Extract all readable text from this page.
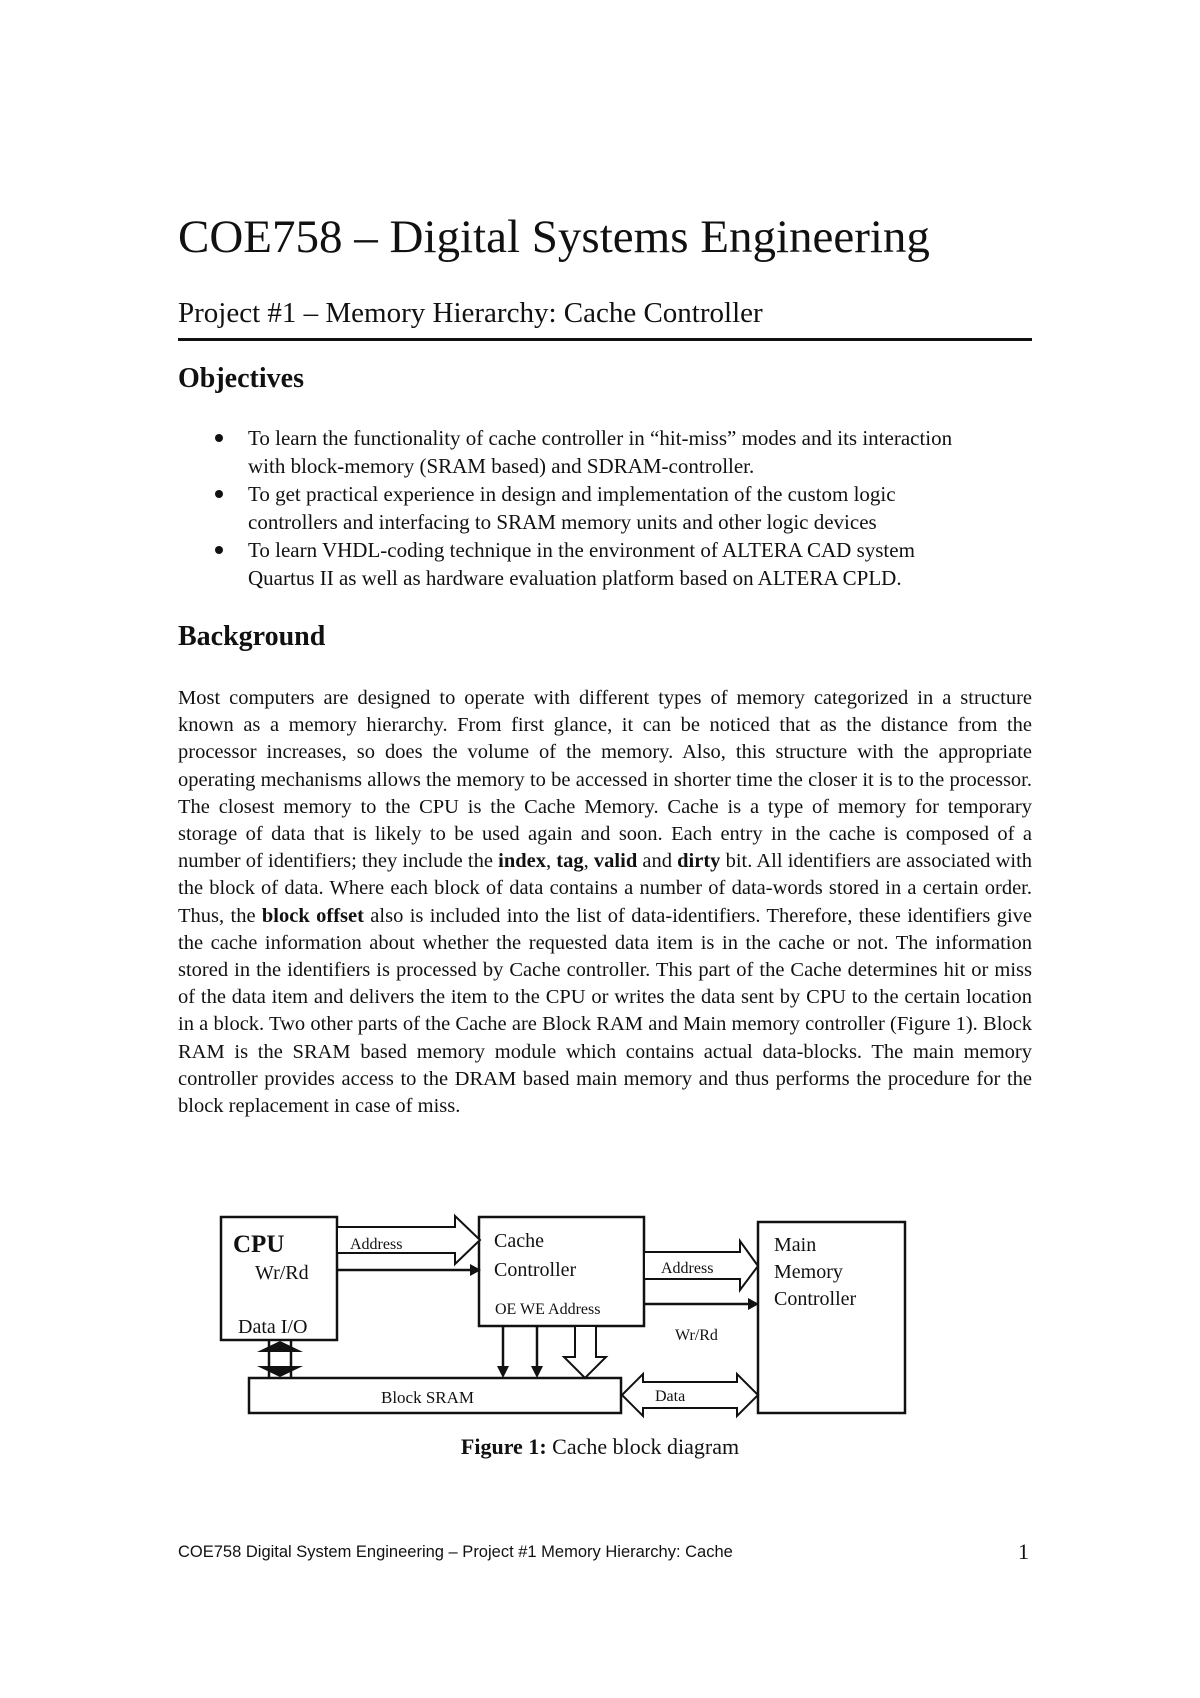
COE758 – Digital Systems Engineering
Project #1 – Memory Hierarchy: Cache Controller
Objectives
To learn the functionality of cache controller in “hit-miss” modes and its interaction with block-memory (SRAM based) and SDRAM-controller.
To get practical experience in design and implementation of the custom logic controllers and interfacing to SRAM memory units and other logic devices
To learn VHDL-coding technique in the environment of ALTERA CAD system Quartus II as well as hardware evaluation platform based on ALTERA CPLD.
Background

Most computers are designed to operate with different types of memory categorized in a structure known as a memory hierarchy. From first glance, it can be noticed that as the distance from the processor increases, so does the volume of the memory. Also, this structure with the appropriate operating mechanisms allows the memory to be accessed in shorter time the closer it is to the processor. The closest memory to the CPU is the Cache Memory. Cache is a type of memory for temporary storage of data that is likely to be used again and soon. Each entry in the cache is composed of a number of identifiers; they include the index, tag, valid and dirty bit. All identifiers are associated with the block of data. Where each block of data contains a number of data-words stored in a certain order. Thus, the block offset also is included into the list of data-identifiers. Therefore, these identifiers give the cache information about whether the requested data item is in the cache or not. The information stored in the identifiers is processed by Cache controller. This part of the Cache determines hit or miss of the data item and delivers the item to the CPU or writes the data sent by CPU to the certain location in a block. Two other parts of the Cache are Block RAM and Main memory controller (Figure 1). Block RAM is the SRAM based memory module which contains actual data-blocks. The main memory controller provides access to the DRAM based main memory and thus performs the procedure for the block replacement in case of miss.

CPU
Wr/Rd
Data I/O
Address	Cache
Controller
OE WE Address
Address
Wr/Rd
Main
Memory
Controller
Block SRAM	Data
Figure 1: Cache block diagram
COE758 Digital System Engineering – Project #1 Memory Hierarchy: Cache	1
